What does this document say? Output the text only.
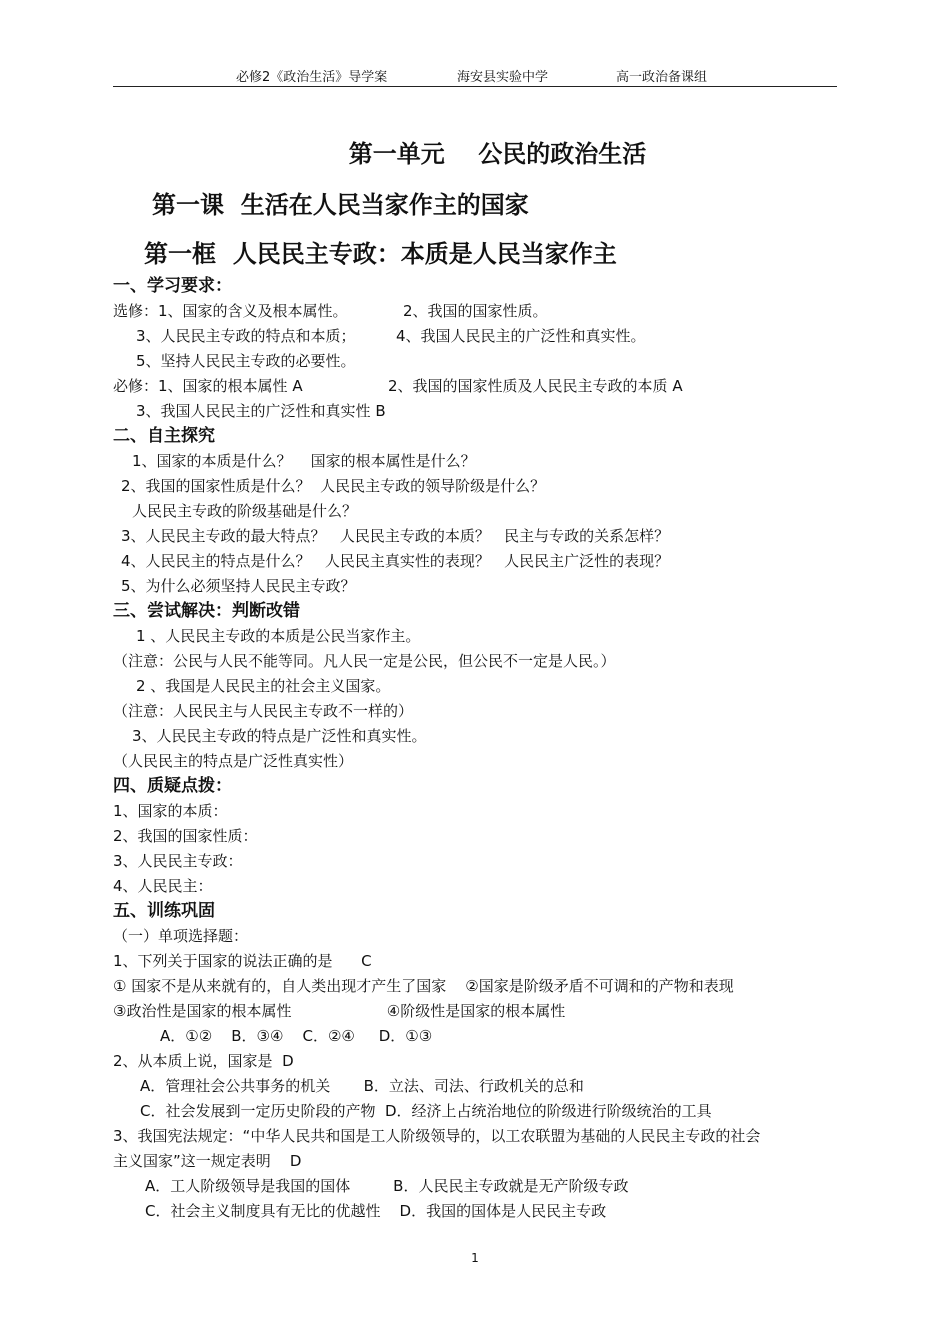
必修2《政治生活》导学案	海安县实验中学	高一政治备课组
第一单元    公民的政治生活
第一课  生活在人民当家作主的国家
第一框  人民民主专政：本质是人民当家作主
一、学习要求：
选修：1、国家的含义及根本属性。	2、我国的国家性质。
3、人民民主专政的特点和本质；	4、我国人民民主的广泛性和真实性。
5、坚持人民民主专政的必要性。
必修：1、国家的根本属性 A	2、我国的国家性质及人民民主专政的本质 A
3、我国人民民主的广泛性和真实性 B
二、自主探究
1、国家的本质是什么？    国家的根本属性是什么？
2、我国的国家性质是什么？  人民民主专政的领导阶级是什么？
人民民主专政的阶级基础是什么？
3、人民民主专政的最大特点？   人民民主专政的本质？   民主与专政的关系怎样？
4、人民民主的特点是什么？   人民民主真实性的表现？   人民民主广泛性的表现？
5、为什么必须坚持人民民主专政？
三、尝试解决：判断改错
1 、人民民主专政的本质是公民当家作主。
（注意：公民与人民不能等同。凡人民一定是公民，但公民不一定是人民。）
2 、我国是人民民主的社会主义国家。
（注意：人民民主与人民民主专政不一样的）
3、人民民主专政的特点是广泛性和真实性。
（人民民主的特点是广泛性真实性）
四、质疑点拨：
1、国家的本质：
2、我国的国家性质：
3、人民民主专政：
4、人民民主：
五、训练巩固
（一）单项选择题：
1、下列关于国家的说法正确的是      C
① 国家不是从来就有的，自人类出现才产生了国家    ②国家是阶级矛盾不可调和的产物和表现
③政治性是国家的根本属性                    ④阶级性是国家的根本属性
A．①②    B．③④    C．②④     D．①③
2、从本质上说，国家是  D
A．管理社会公共事务的机关       B．立法、司法、行政机关的总和
C．社会发展到一定历史阶段的产物  D．经济上占统治地位的阶级进行阶级统治的工具
3、我国宪法规定：“中华人民共和国是工人阶级领导的，以工农联盟为基础的人民民主专政的社会
主义国家”这一规定表明    D
A．工人阶级领导是我国的国体         B．人民民主专政就是无产阶级专政
C．社会主义制度具有无比的优越性    D．我国的国体是人民民主专政
1
